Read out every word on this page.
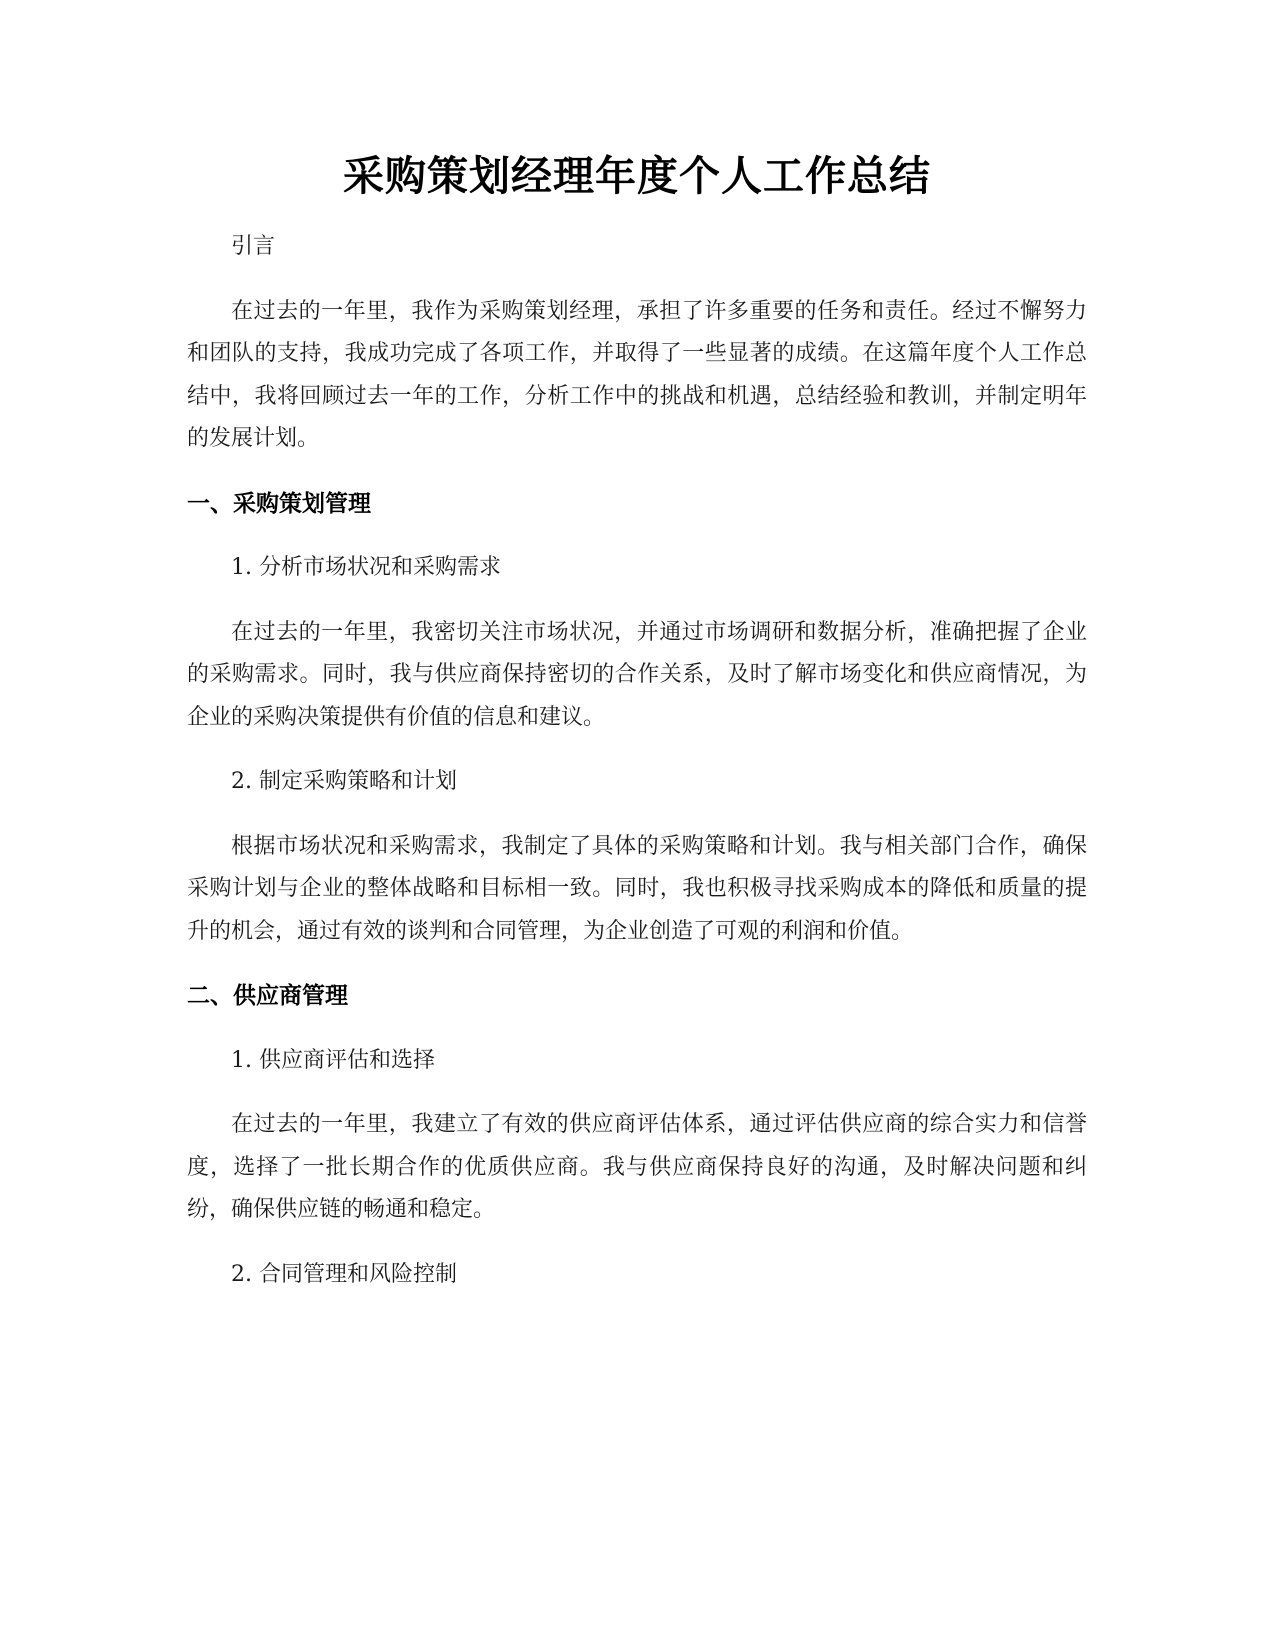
采购策划经理年度个人工作总结

引言

在过去的一年里，我作为采购策划经理，承担了许多重要的任务和责任。经过不懈努力和团队的支持，我成功完成了各项工作，并取得了一些显著的成绩。在这篇年度个人工作总结中，我将回顾过去一年的工作，分析工作中的挑战和机遇，总结经验和教训，并制定明年的发展计划。

一、采购策划管理

1. 分析市场状况和采购需求

在过去的一年里，我密切关注市场状况，并通过市场调研和数据分析，准确把握了企业的采购需求。同时，我与供应商保持密切的合作关系，及时了解市场变化和供应商情况，为企业的采购决策提供有价值的信息和建议。

2. 制定采购策略和计划

根据市场状况和采购需求，我制定了具体的采购策略和计划。我与相关部门合作，确保采购计划与企业的整体战略和目标相一致。同时，我也积极寻找采购成本的降低和质量的提升的机会，通过有效的谈判和合同管理，为企业创造了可观的利润和价值。

二、供应商管理

1. 供应商评估和选择

在过去的一年里，我建立了有效的供应商评估体系，通过评估供应商的综合实力和信誉度，选择了一批长期合作的优质供应商。我与供应商保持良好的沟通，及时解决问题和纠纷，确保供应链的畅通和稳定。

2. 合同管理和风险控制
